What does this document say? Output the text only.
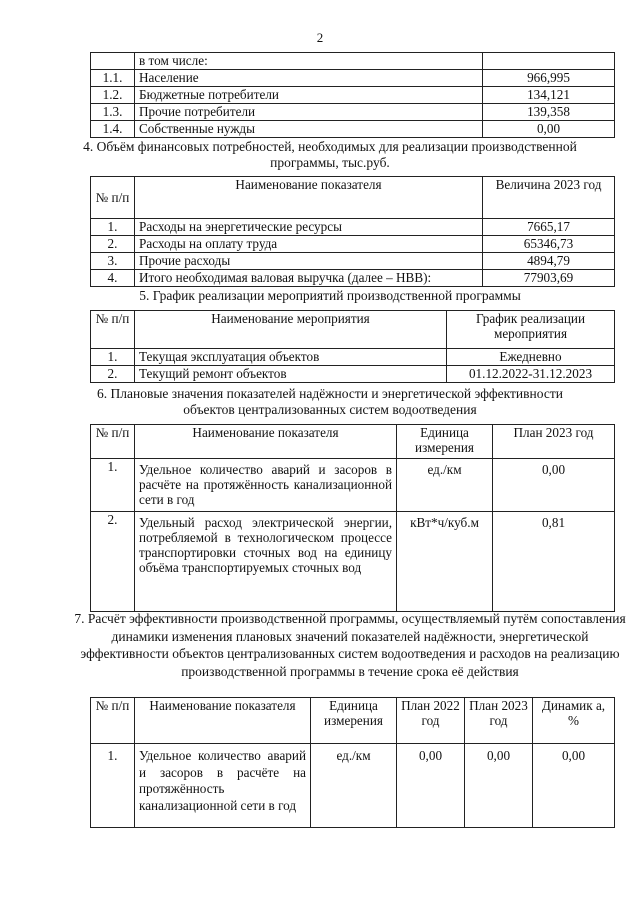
2
	в том числе:	
1.1.	Население	966,995
1.2.	Бюджетные потребители	134,121
1.3.	Прочие потребители	139,358
1.4.	Собственные нужды	0,00
4. Объём финансовых потребностей, необходимых для реализации производственной программы, тыс.руб.
№ п/п	Наименование показателя	Величина 2023 год
1.	Расходы на энергетические ресурсы	7665,17
2.	Расходы на оплату труда	65346,73
3.	Прочие расходы	4894,79
4.	Итого необходимая валовая выручка (далее – НВВ):	77903,69
5. График реализации мероприятий производственной программы
№ п/п	Наименование мероприятия	График реализации мероприятия
1.	Текущая эксплуатация объектов	Ежедневно
2.	Текущий ремонт объектов	01.12.2022-31.12.2023
6. Плановые значения показателей надёжности и энергетической эффективности объектов централизованных систем водоотведения
№ п/п	Наименование показателя	Единица измерения	План 2023 год
1.	Удельное количество аварий и засоров в расчёте на протяжённость канализационной сети в год	ед./км	0,00
2.	Удельный расход электрической энергии, потребляемой в технологическом процессе транспортировки сточных вод на единицу объёма транспортируемых сточных вод	кВт*ч/куб.м	0,81
7. Расчёт эффективности производственной программы, осуществляемый путём сопоставления динамики изменения плановых значений показателей надёжности, энергетической эффективности объектов централизованных систем водоотведения и расходов на реализацию производственной программы в течение срока её действия
№ п/п	Наименование показателя	Единица измерения	План 2022 год	План 2023 год	Динамик а, %
1.	Удельное количество аварий и засоров в расчёте на протяжённость канализационной сети в год	ед./км	0,00	0,00	0,00
